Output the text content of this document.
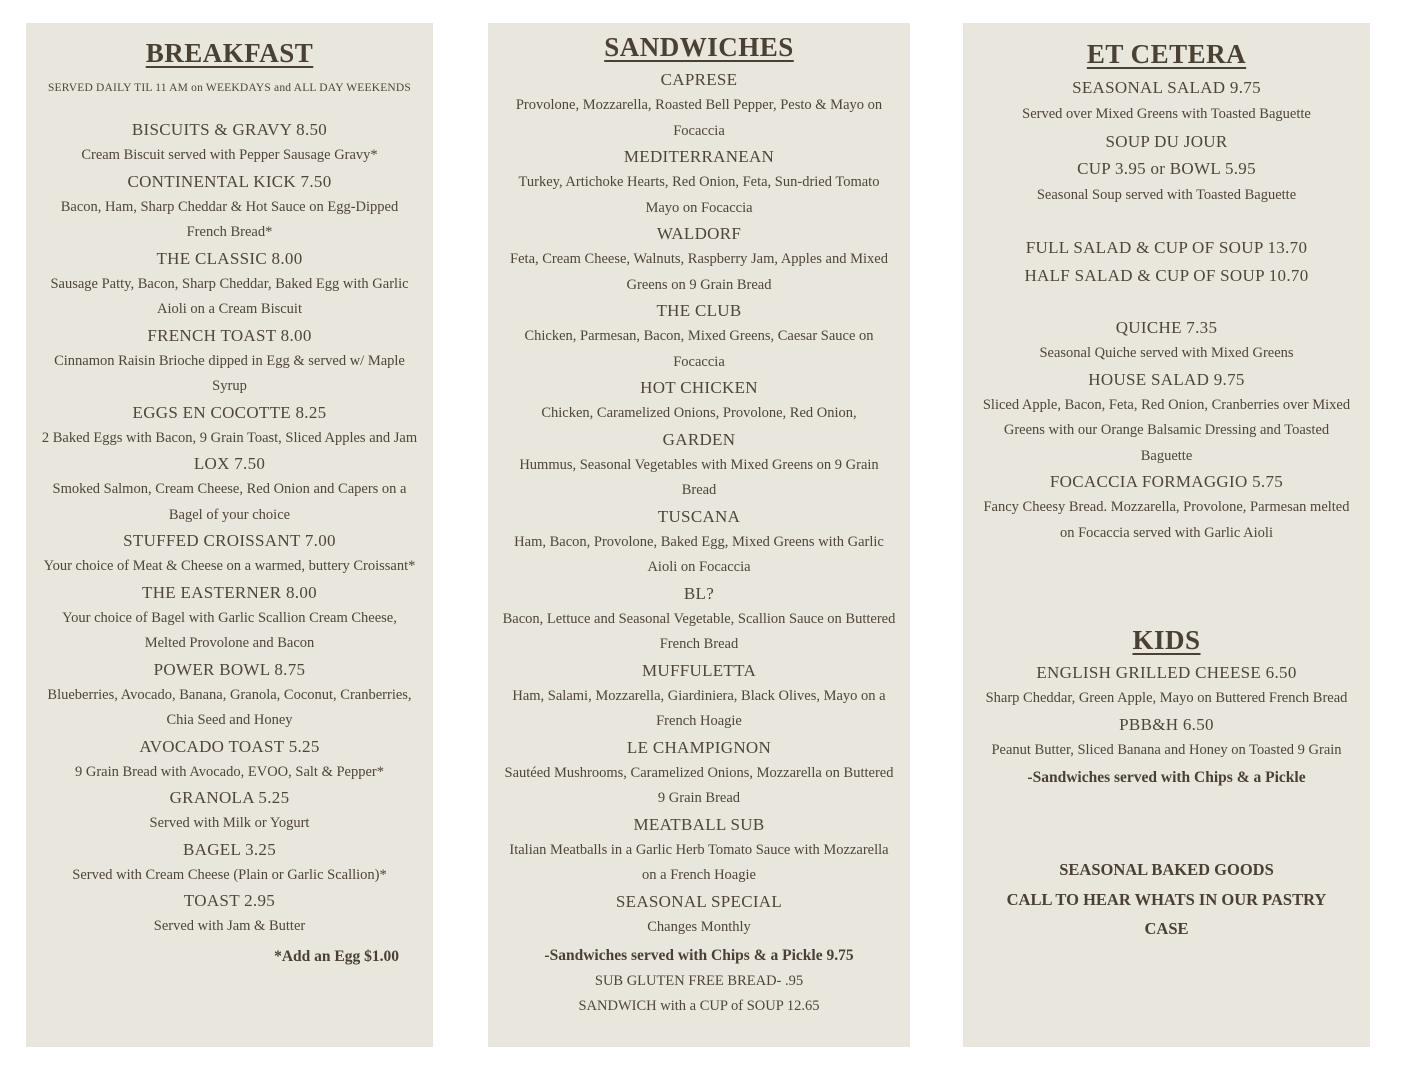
BREAKFAST
SERVED DAILY TIL 11 AM on WEEKDAYS and ALL DAY WEEKENDS
BISCUITS & GRAVY 8.50
Cream Biscuit served with Pepper Sausage Gravy*
CONTINENTAL KICK 7.50
Bacon, Ham, Sharp Cheddar & Hot Sauce on Egg-Dipped French Bread*
THE CLASSIC 8.00
Sausage Patty, Bacon, Sharp Cheddar, Baked Egg with Garlic Aioli on a Cream Biscuit
FRENCH TOAST 8.00
Cinnamon Raisin Brioche dipped in Egg & served w/ Maple Syrup
EGGS EN COCOTTE 8.25
2 Baked Eggs with Bacon, 9 Grain Toast, Sliced Apples and Jam
LOX 7.50
Smoked Salmon, Cream Cheese, Red Onion and Capers on a Bagel of your choice
STUFFED CROISSANT 7.00
Your choice of Meat & Cheese on a warmed, buttery Croissant*
THE EASTERNER 8.00
Your choice of Bagel with Garlic Scallion Cream Cheese, Melted Provolone and Bacon
POWER BOWL 8.75
Blueberries, Avocado, Banana, Granola, Coconut, Cranberries, Chia Seed and Honey
AVOCADO TOAST 5.25
9 Grain Bread with Avocado, EVOO, Salt & Pepper*
GRANOLA 5.25
Served with Milk or Yogurt
BAGEL 3.25
Served with Cream Cheese (Plain or Garlic Scallion)*
TOAST 2.95
Served with Jam & Butter
*Add an Egg $1.00
SANDWICHES
CAPRESE
Provolone, Mozzarella, Roasted Bell Pepper, Pesto & Mayo on Focaccia
MEDITERRANEAN
Turkey, Artichoke Hearts, Red Onion, Feta, Sun-dried Tomato Mayo on Focaccia
WALDORF
Feta, Cream Cheese, Walnuts, Raspberry Jam, Apples and Mixed Greens on 9 Grain Bread
THE CLUB
Chicken, Parmesan, Bacon, Mixed Greens, Caesar Sauce on Focaccia
HOT CHICKEN
Chicken, Caramelized Onions, Provolone, Red Onion,
GARDEN
Hummus, Seasonal Vegetables with Mixed Greens on 9 Grain Bread
TUSCANA
Ham, Bacon, Provolone, Baked Egg, Mixed Greens with Garlic Aioli on Focaccia
BL?
Bacon, Lettuce and Seasonal Vegetable, Scallion Sauce on Buttered French Bread
MUFFULETTA
Ham, Salami, Mozzarella, Giardiniera, Black Olives, Mayo on a French Hoagie
LE CHAMPIGNON
Sautéed Mushrooms, Caramelized Onions, Mozzarella on Buttered 9 Grain Bread
MEATBALL SUB
Italian Meatballs in a Garlic Herb Tomato Sauce with Mozzarella on a French Hoagie
SEASONAL SPECIAL
Changes Monthly
-Sandwiches served with Chips & a Pickle 9.75
SUB GLUTEN FREE BREAD- .95
SANDWICH with a CUP of SOUP 12.65
ET CETERA
SEASONAL SALAD 9.75
Served over Mixed Greens with Toasted Baguette
SOUP DU JOUR
CUP 3.95 or BOWL 5.95
Seasonal Soup served with Toasted Baguette
FULL SALAD & CUP OF SOUP 13.70
HALF SALAD & CUP OF SOUP 10.70
QUICHE 7.35
Seasonal Quiche served with Mixed Greens
HOUSE SALAD 9.75
Sliced Apple, Bacon, Feta, Red Onion, Cranberries over Mixed Greens with our Orange Balsamic Dressing and Toasted Baguette
FOCACCIA FORMAGGIO 5.75
Fancy Cheesy Bread. Mozzarella, Provolone, Parmesan melted on Focaccia served with Garlic Aioli
KIDS
ENGLISH GRILLED CHEESE 6.50
Sharp Cheddar, Green Apple, Mayo on Buttered French Bread
PBB&H 6.50
Peanut Butter, Sliced Banana and Honey on Toasted 9 Grain
-Sandwiches served with Chips & a Pickle
SEASONAL BAKED GOODS
CALL TO HEAR WHATS IN OUR PASTRY CASE
